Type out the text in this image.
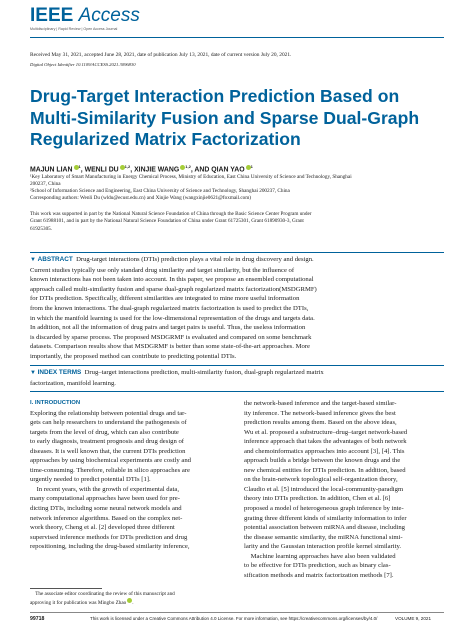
IEEE Access
Multidisciplinary | Rapid Review | Open Access Journal
Received May 31, 2021, accepted June 28, 2021, date of publication July 13, 2021, date of current version July 20, 2021.
Digital Object Identifier 10.1109/ACCESS.2021.3096830
Drug-Target Interaction Prediction Based on
Multi-Similarity Fusion and Sparse Dual-Graph
Regularized Matrix Factorization
MAJUN LIAN $^1$, WENLI DU $^{1,2}$, XINJIE WANG $^{1,2}$, AND QIAN YAO $^1$
¹Key Laboratory of Smart Manufacturing in Energy Chemical Process, Ministry of Education, East China University of Science and Technology, Shanghai
200237, China
²School of Information Science and Engineering, East China University of Science and Technology, Shanghai 200237, China
Corresponding authors: Wenli Du (wldu@ecust.edu.cn) and Xinjie Wang (wangxinjie0621@foxmail.com)
This work was supported in part by the National Natural Science Foundation of China through the Basic Science Center Program under
Grant 61988101, and in part by the National Natural Science Foundation of China under Grant 61725301, Grant 61890930-3, Grant
61925305.
▼ ABSTRACT Drug-target interactions (DTIs) prediction plays a vital role in drug discovery and design.
Current studies typically use only standard drug similarity and target similarity, but the influence of
known interactions has not been taken into account. In this paper, we propose an ensembled computational
approach called multi-similarity fusion and sparse dual-graph regularized matrix factorization(MSDGRMF)
for DTIs prediction. Specifically, different similarities are integrated to mine more useful information
from the known interactions. The dual-graph regularized matrix factorization is used to predict the DTIs,
in which the manifold learning is used for the low-dimensional representation of the drugs and targets data.
In addition, not all the information of drug pairs and target pairs is useful. Thus, the useless information
is discarded by sparse process. The proposed MSDGRMF is evaluated and compared on some benchmark
datasets. Comparison results show that MSDGRMF is better than some state-of-the-art approaches. More
importantly, the proposed method can contribute to predicting potential DTIs.
▼ INDEX TERMS Drug–target interactions prediction, multi-similarity fusion, dual-graph regularized matrix
factorization, manifold learning.
I. INTRODUCTION
Exploring the relationship between potential drugs and tar-
gets can help researchers to understand the pathogenesis of
targets from the level of drug, which can also contribute
to early diagnosis, treatment prognosis and drug design of
diseases. It is well known that, the current DTIs prediction
approaches by using biochemical experiments are costly and
time-consuming. Therefore, reliable in silico approaches are
urgently needed to predict potential DTIs [1].
 In recent years, with the growth of experimental data,
many computational approaches have been used for pre-
dicting DTIs, including some neural network models and
network inference algorithms. Based on the complex net-
work theory, Cheng et al. [2] developed three different
supervised inference methods for DTIs prediction and drug
repositioning, including the drug-based similarity inference,
the network-based inference and the target-based similar-
ity inference. The network-based inference gives the best
prediction results among them. Based on the above ideas,
Wu et al. proposed a substructure–drug–target network-based
inference approach that takes the advantages of both network
and chemoinformatics approaches into account [3], [4]. This
approach builds a bridge between the known drugs and the
new chemical entities for DTIs prediction. In addition, based
on the brain-network topological self-organization theory,
Claudio et al. [5] introduced the local-community-paradigm
theory into DTIs prediction. In addition, Chen et al. [6]
proposed a model of heterogeneous graph inference by inte-
grating three different kinds of similarity information to infer
potential association between miRNA and disease, including
the disease semantic similarity, the miRNA functional simi-
larity and the Gaussian interaction profile kernel similarity.
 Machine learning approaches have also been validated
to be effective for DTIs prediction, such as binary clas-
sification methods and matrix factorization methods [7].
 The associate editor coordinating the review of this manuscript and
approving it for publication was Mingbo Zhao .
99718	This work is licensed under a Creative Commons Attribution 4.0 License. For more information, see https://creativecommons.org/licenses/by/4.0/	VOLUME 9, 2021
